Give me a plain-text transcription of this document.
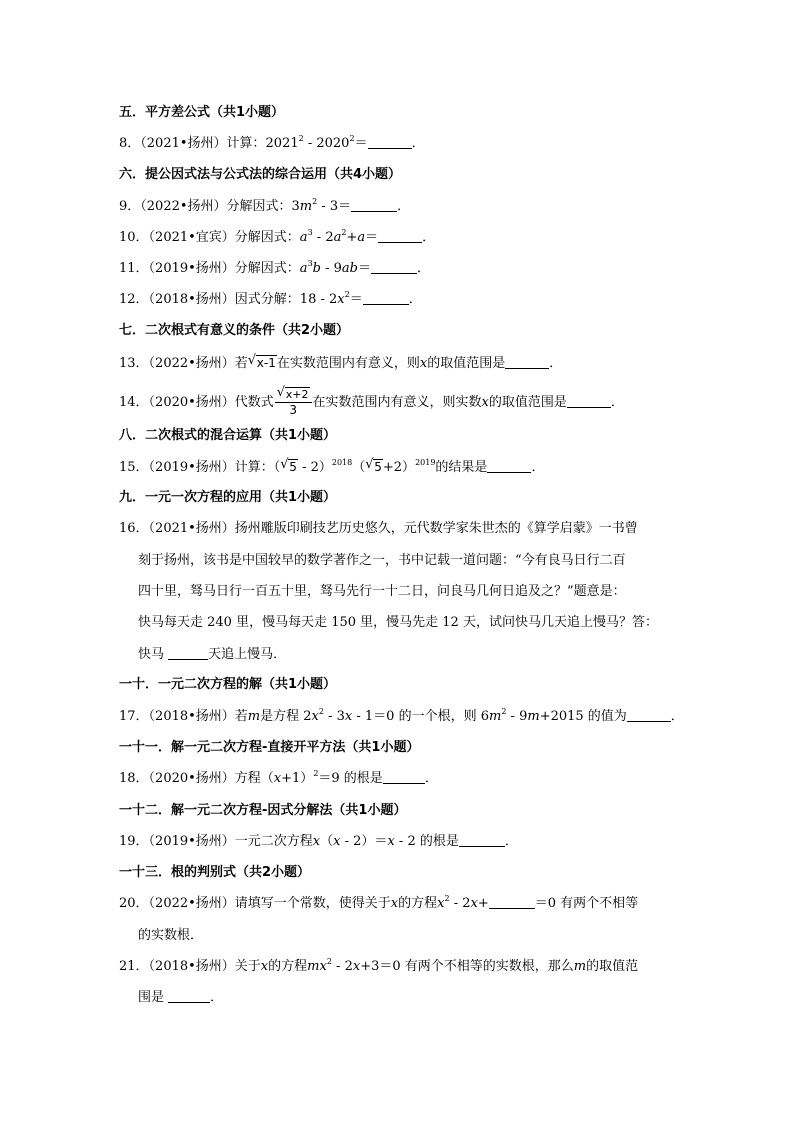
五．平方差公式（共1小题）
8．（2021•扬州）计算：$2021^2 - 2020^2=$	．
六．提公因式法与公式法的综合运用（共4小题）
9．（2022•扬州）分解因式：$3m^2 - 3=$	．
10．（2021•宜宾）分解因式：$a^3 - 2a^2+a=$	．
11．（2019•扬州）分解因式：$a^3b - 9ab=$	．
12．（2018•扬州）因式分解：$18 - 2x^2=$	．
七．二次根式有意义的条件（共2小题）
13．（2022•扬州）若 √ x-1在实数范围内有意义，则x的取值范围是	．
14．（2020•扬州）代数式 $\frac{√ x+2}{3}$ 在实数范围内有意义，则实数x的取值范围是	．
八．二次根式的混合运算（共1小题）
15．（2019•扬州）计算：（ √ 5 - 2）$^{2018}$（ √ 5+2）$^{2019}$的结果是	．
九．一元一次方程的应用（共1小题）
16．（2021•扬州）扬州雕版印刷技艺历史悠久，元代数学家朱世杰的《算学启蒙》一书曾
刻于扬州，该书是中国较早的数学著作之一，书中记载一道问题：“今有良马日行二百
四十里，驽马日行一百五十里，驽马先行一十二日，问良马几何日追及之？”题意是：
快马每天走 240 里，慢马每天走 150 里，慢马先走 12 天，试问快马几天追上慢马？答：
快马	天追上慢马．
一十．一元二次方程的解（共1小题）
17．（2018•扬州）若m是方程 $2x^2 - 3x - 1=0$ 的一个根，则 $6m^2 - 9m+2015$ 的值为	．
一十一．解一元二次方程-直接开平方法（共1小题）
18．（2020•扬州）方程$(x+1)^2=9$ 的根是	．
一十二．解一元二次方程-因式分解法（共1小题）
19．（2019•扬州）一元二次方程x（x - 2）＝x - 2 的根是	．
一十三．根的判别式（共2小题）
20．（2022•扬州）请填写一个常数，使得关于x的方程$x^2 - 2x+$	＝0 有两个不相等
的实数根．
21．（2018•扬州）关于x的方程$mx^2 - 2x+3=0$ 有两个不相等的实数根，那么m的取值范
围是	．
